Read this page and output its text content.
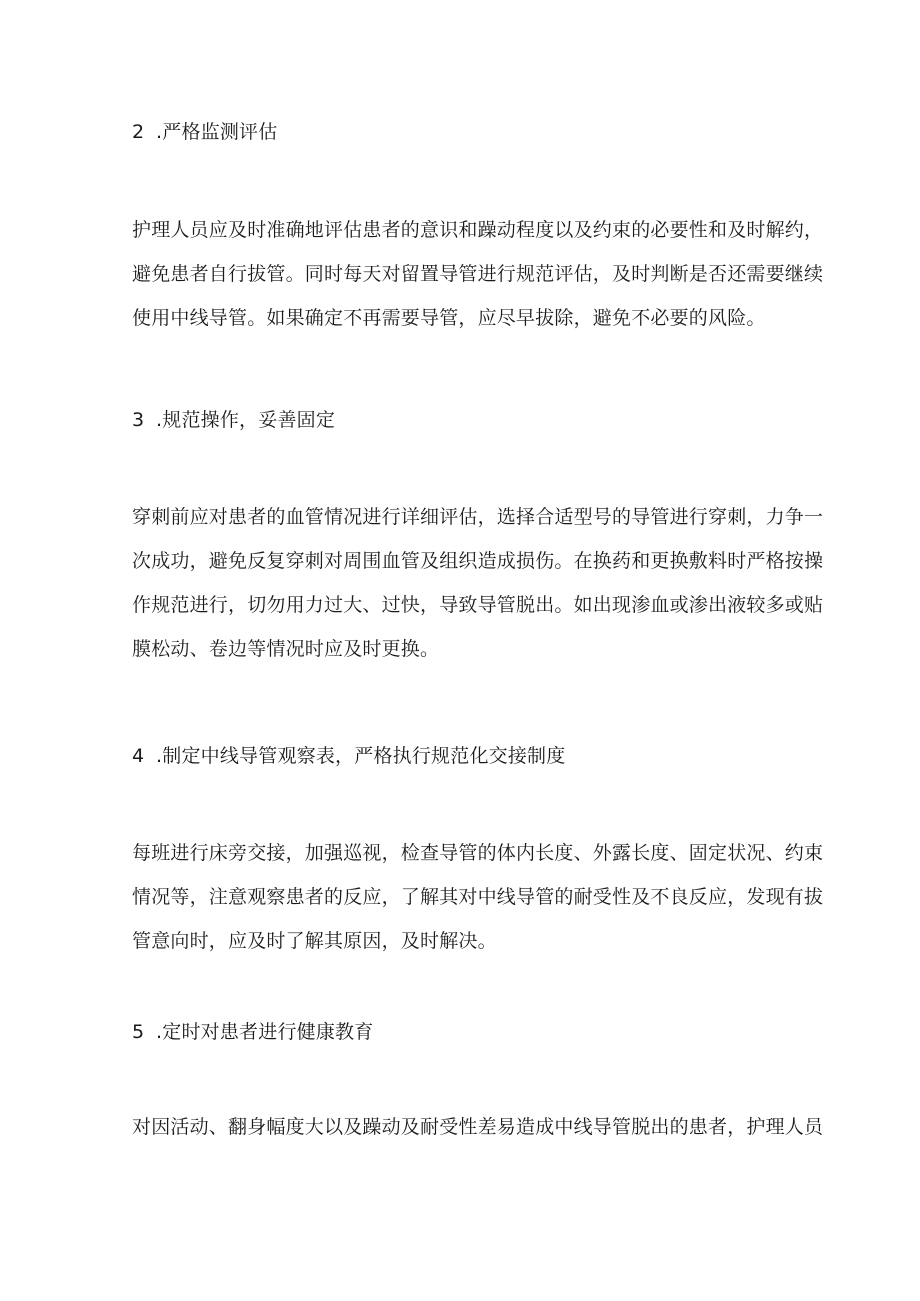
2 .严格监测评估
护理人员应及时准确地评估患者的意识和躁动程度以及约束的必要性和及时解约，
避免患者自行拔管。同时每天对留置导管进行规范评估，及时判断是否还需要继续
使用中线导管。如果确定不再需要导管，应尽早拔除，避免不必要的风险。
3 .规范操作，妥善固定
穿刺前应对患者的血管情况进行详细评估，选择合适型号的导管进行穿刺，力争一
次成功，避免反复穿刺对周围血管及组织造成损伤。在换药和更换敷料时严格按操
作规范进行，切勿用力过大、过快，导致导管脱出。如出现渗血或渗出液较多或贴
膜松动、卷边等情况时应及时更换。
4 .制定中线导管观察表，严格执行规范化交接制度
每班进行床旁交接，加强巡视，检查导管的体内长度、外露长度、固定状况、约束
情况等，注意观察患者的反应，了解其对中线导管的耐受性及不良反应，发现有拔
管意向时，应及时了解其原因，及时解决。
5 .定时对患者进行健康教育
对因活动、翻身幅度大以及躁动及耐受性差易造成中线导管脱出的患者，护理人员
